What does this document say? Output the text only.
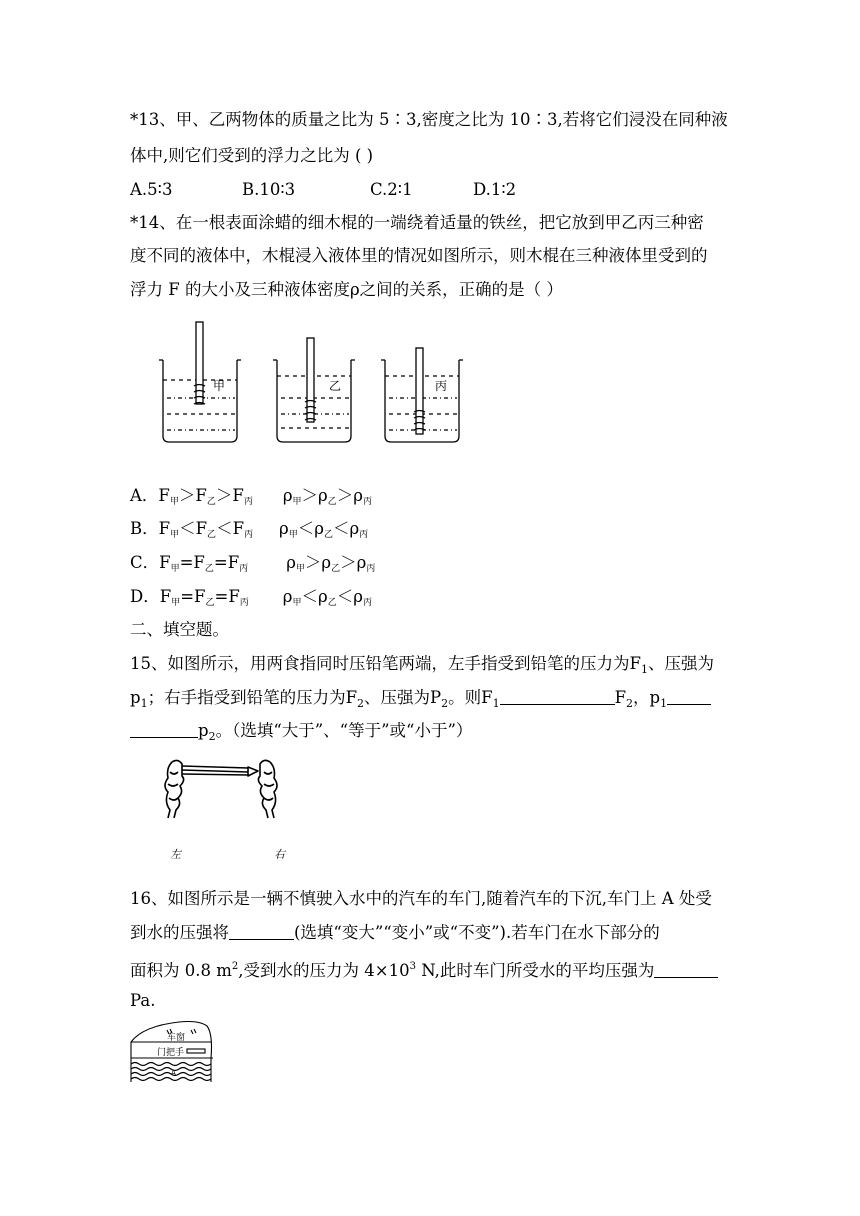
*13、甲、乙两物体的质量之比为 5∶3,密度之比为 10∶3,若将它们浸没在同种液
体中,则它们受到的浮力之比为 ( )
A.5∶3	B.10∶3	C.2∶1	D.1∶2
*14、在一根表面涂蜡的细木棍的一端绕着适量的铁丝，把它放到甲乙丙三种密
度不同的液体中，木棍浸入液体里的情况如图所示，则木棍在三种液体里受到的
浮力 F 的大小及三种液体密度ρ之间的关系，正确的是（ ）
甲	乙	丙
A．$F_甲>F_乙>F_丙$ $\rho_甲>\rho_乙>\rho_丙$
B．$F_甲<F_乙<F_丙$ $\rho_甲<\rho_乙<\rho_丙$
C．$F_甲=F_乙=F_丙$ $\rho_甲>\rho_乙>\rho_丙$
D．$F_甲=F_乙=F_丙$ $\rho_甲<\rho_乙<\rho_丙$
二、填空题。
15、如图所示，用两食指同时压铅笔两端，左手指受到铅笔的压力为$F_1$、压强为
$p_1$；右手指受到铅笔的压力为$F_2$、压强为$P_2$。则$F_1$	$F_2$，$p_1$
$p_2$。（选填“大于”、“等于”或“小于”）
左	右
16、如图所示是一辆不慎驶入水中的汽车的车门,随着汽车的下沉,车门上 A 处受
到水的压强将	(选填“变大”“变小”或“不变”).若车门在水下部分的
面积为 0.8 $m^2$,受到水的压力为 $4\times 10^3$ N,此时车门所受水的平均压强为
Pa.
车窗
门把手
A
